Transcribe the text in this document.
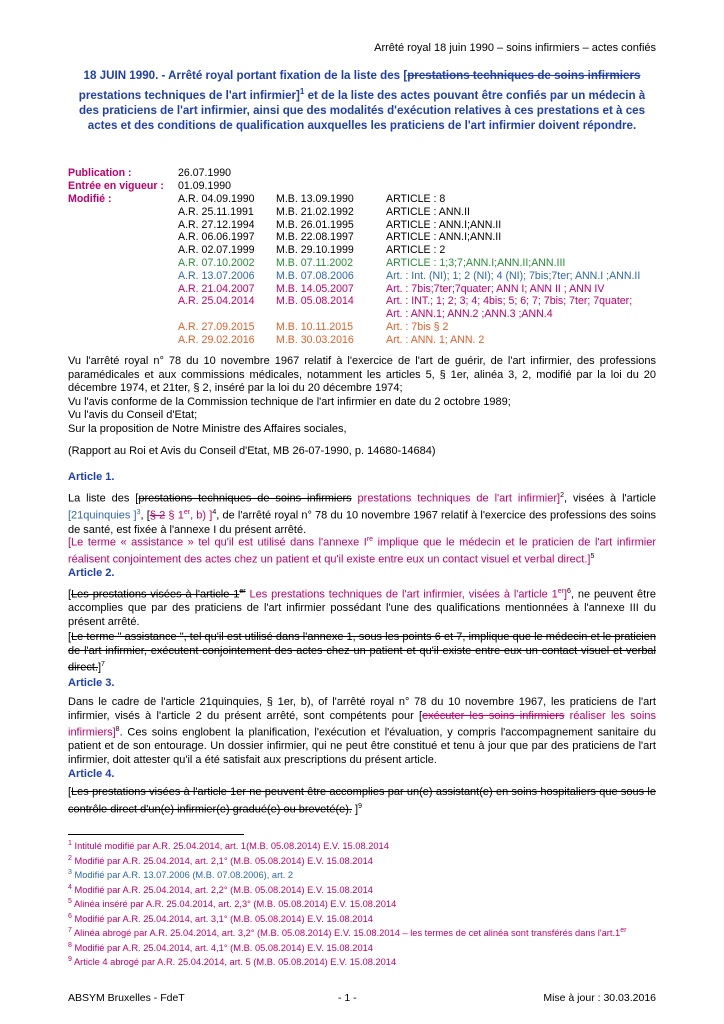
Arrêté royal 18 juin 1990 – soins infirmiers – actes confiés
18 JUIN 1990. - Arrêté royal portant fixation de la liste des [prestations techniques de soins infirmiers
prestations techniques de l'art infirmier]$^1$ et de la liste des actes pouvant être confiés par un médecin à des praticiens de l'art infirmier, ainsi que des modalités d'exécution relatives à ces prestations et à ces actes et des conditions de qualification auxquelles les praticiens de l'art infirmier doivent répondre.
Publication :	26.07.1990
Entrée en vigueur : 01.09.1990
Modifié :	A.R. 04.09.1990 M.B. 13.09.1990	ARTICLE : 8
A.R. 25.11.1991 M.B. 21.02.1992	ARTICLE : ANN.II
A.R. 27.12.1994 M.B. 26.01.1995	ARTICLE : ANN.I;ANN.II
A.R. 06.06.1997 M.B. 22.08.1997	ARTICLE : ANN.I;ANN.II
A.R. 02.07.1999 M.B. 29.10.1999	ARTICLE : 2
A.R. 07.10.2002 M.B. 07.11.2002	ARTICLE : 1;3;7;ANN.I;ANN.II;ANN.III
A.R. 13.07.2006 M.B. 07.08.2006	Art. : Int. (NI); 1; 2 (NI); 4 (NI); 7bis;7ter; ANN.I ;ANN.II
A.R. 21.04.2007 M.B. 14.05.2007	Art. : 7bis;7ter;7quater; ANN I; ANN II ; ANN IV
A.R. 25.04.2014 M.B. 05.08.2014	Art. : INT.; 1; 2; 3; 4; 4bis; 5; 6; 7; 7bis; 7ter; 7quater;
Art. : ANN.1; ANN.2 ;ANN.3 ;ANN.4
A.R. 27.09.2015 M.B. 10.11.2015	Art. : 7bis § 2
A.R. 29.02.2016 M.B. 30.03.2016	Art. : ANN. 1; ANN. 2
Vu l'arrêté royal n° 78 du 10 novembre 1967 relatif à l'exercice de l'art de guérir, de l'art infirmier, des professions paramédicales et aux commissions médicales, notamment les articles 5, § 1er, alinéa 3, 2, modifié par la loi du 20 décembre 1974, et 21ter, § 2, inséré par la loi du 20 décembre 1974;
Vu l'avis conforme de la Commission technique de l'art infirmier en date du 2 octobre 1989;
Vu l'avis du Conseil d'Etat;
Sur la proposition de Notre Ministre des Affaires sociales,
(Rapport au Roi et Avis du Conseil d'Etat, MB 26-07-1990, p. 14680-14684)
Article 1.
La liste des [prestations techniques de soins infirmiers prestations techniques de l'art infirmier]$^2$, visées à l'article [21quinquies ]$^3$, [§ 2 § 1er, b) ]$^4$, de l'arrêté royal n° 78 du 10 novembre 1967 relatif à l'exercice des professions des soins de santé, est fixée à l'annexe I du présent arrêté.
[Le terme « assistance » tel qu'il est utilisé dans l'annexe Ire implique que le médecin et le praticien de l'art infirmier réalisent conjointement des actes chez un patient et qu'il existe entre eux un contact visuel et verbal direct.]$^5$
Article 2.
[Les prestations visées à l'article 1er Les prestations techniques de l'art infirmier, visées à l'article 1er]$^6$, ne peuvent être accomplies que par des praticiens de l'art infirmier possédant l'une des qualifications mentionnées à l'annexe III du présent arrêté.
[Le terme " assistance ", tel qu'il est utilisé dans l'annexe 1, sous les points 6 et 7, implique que le médecin et le praticien de l'art infirmier, exécutent conjointement des actes chez un patient et qu'il existe entre eux un contact visuel et verbal direct.]$^7$
Article 3.
Dans le cadre de l'article 21quinquies, § 1er, b), of l'arrêté royal n° 78 du 10 novembre 1967, les praticiens de l'art infirmier, visés à l'article 2 du présent arrêté, sont compétents pour [exécuter les soins infirmiers réaliser les soins infirmiers]$^8$. Ces soins englobent la planification, l'exécution et l'évaluation, y compris l'accompagnement sanitaire du patient et de son entourage. Un dossier infirmier, qui ne peut être constitué et tenu à jour que par des praticiens de l'art infirmier, doit attester qu'il a été satisfait aux prescriptions du présent article.
Article 4.
[Les prestations visées à l'article 1er ne peuvent être accomplies par un(e) assistant(e) en soins hospitaliers que sous le contrôle direct d'un(e) infirmier(e) gradué(e) ou breveté(e). ]$^9$
$^1$ Intitulé modifié par A.R. 25.04.2014, art. 1(M.B. 05.08.2014) E.V. 15.08.2014
$^2$ Modifié par A.R. 25.04.2014, art. 2,1° (M.B. 05.08.2014) E.V. 15.08.2014
$^3$ Modifié par A.R. 13.07.2006 (M.B. 07.08.2006), art. 2
$^4$ Modifié par A.R. 25.04.2014, art. 2,2° (M.B. 05.08.2014) E.V. 15.08.2014
$^5$ Alinéa inséré par A.R. 25.04.2014, art. 2,3° (M.B. 05.08.2014) E.V. 15.08.2014
$^6$ Modifié par A.R. 25.04.2014, art. 3,1° (M.B. 05.08.2014) E.V. 15.08.2014
$^7$ Alinéa abrogé par A.R. 25.04.2014, art. 3,2° (M.B. 05.08.2014) E.V. 15.08.2014 – les termes de cet alinéa sont transférés dans l'art.1er
$^8$ Modifié par A.R. 25.04.2014, art. 4,1° (M.B. 05.08.2014) E.V. 15.08.2014
$^9$ Article 4 abrogé par A.R. 25.04.2014, art. 5 (M.B. 05.08.2014) E.V. 15.08.2014
ABSYM Bruxelles - FdeT	- 1 -	Mise à jour : 30.03.2016
